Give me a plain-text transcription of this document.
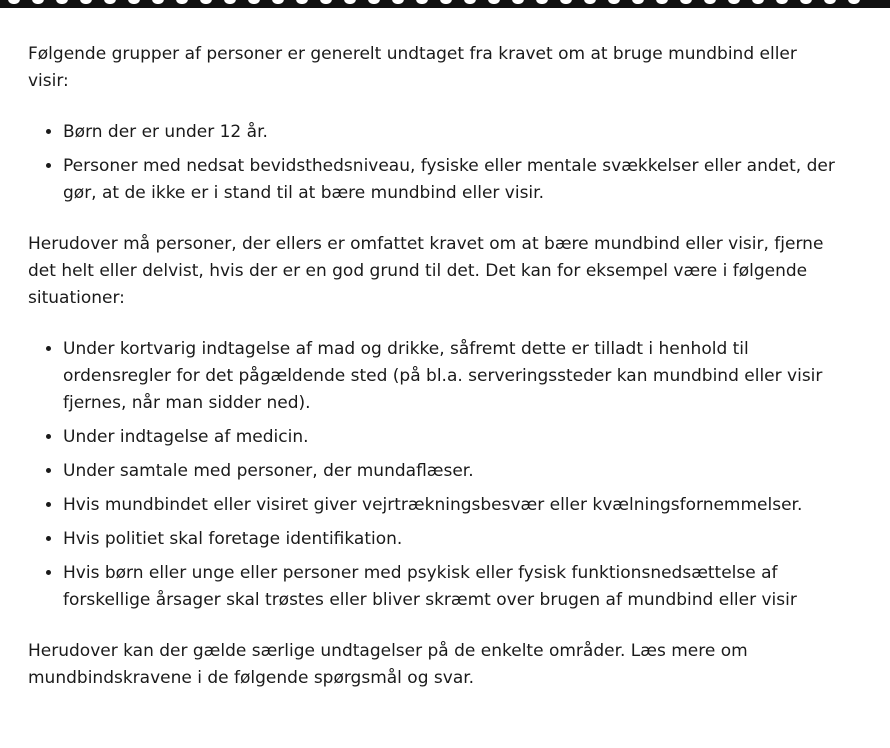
Følgende grupper af personer er generelt undtaget fra kravet om at bruge mundbind eller visir:

• Børn der er under 12 år.
• Personer med nedsat bevidsthedsniveau, fysiske eller mentale svækkelser eller andet, der gør, at de ikke er i stand til at bære mundbind eller visir.

Herudover må personer, der ellers er omfattet kravet om at bære mundbind eller visir, fjerne det helt eller delvist, hvis der er en god grund til det. Det kan for eksempel være i følgende situationer:

• Under kortvarig indtagelse af mad og drikke, såfremt dette er tilladt i henhold til ordensregler for det pågældende sted (på bl.a. serveringssteder kan mundbind eller visir fjernes, når man sidder ned).
• Under indtagelse af medicin.
• Under samtale med personer, der mundaflæser.
• Hvis mundbindet eller visiret giver vejrtrækningsbesvær eller kvælningsfornemmelser.
• Hvis politiet skal foretage identifikation.
• Hvis børn eller unge eller personer med psykisk eller fysisk funktionsnedsættelse af forskellige årsager skal trøstes eller bliver skræmt over brugen af mundbind eller visir

Herudover kan der gælde særlige undtagelser på de enkelte områder. Læs mere om mundbindskravene i de følgende spørgsmål og svar.
